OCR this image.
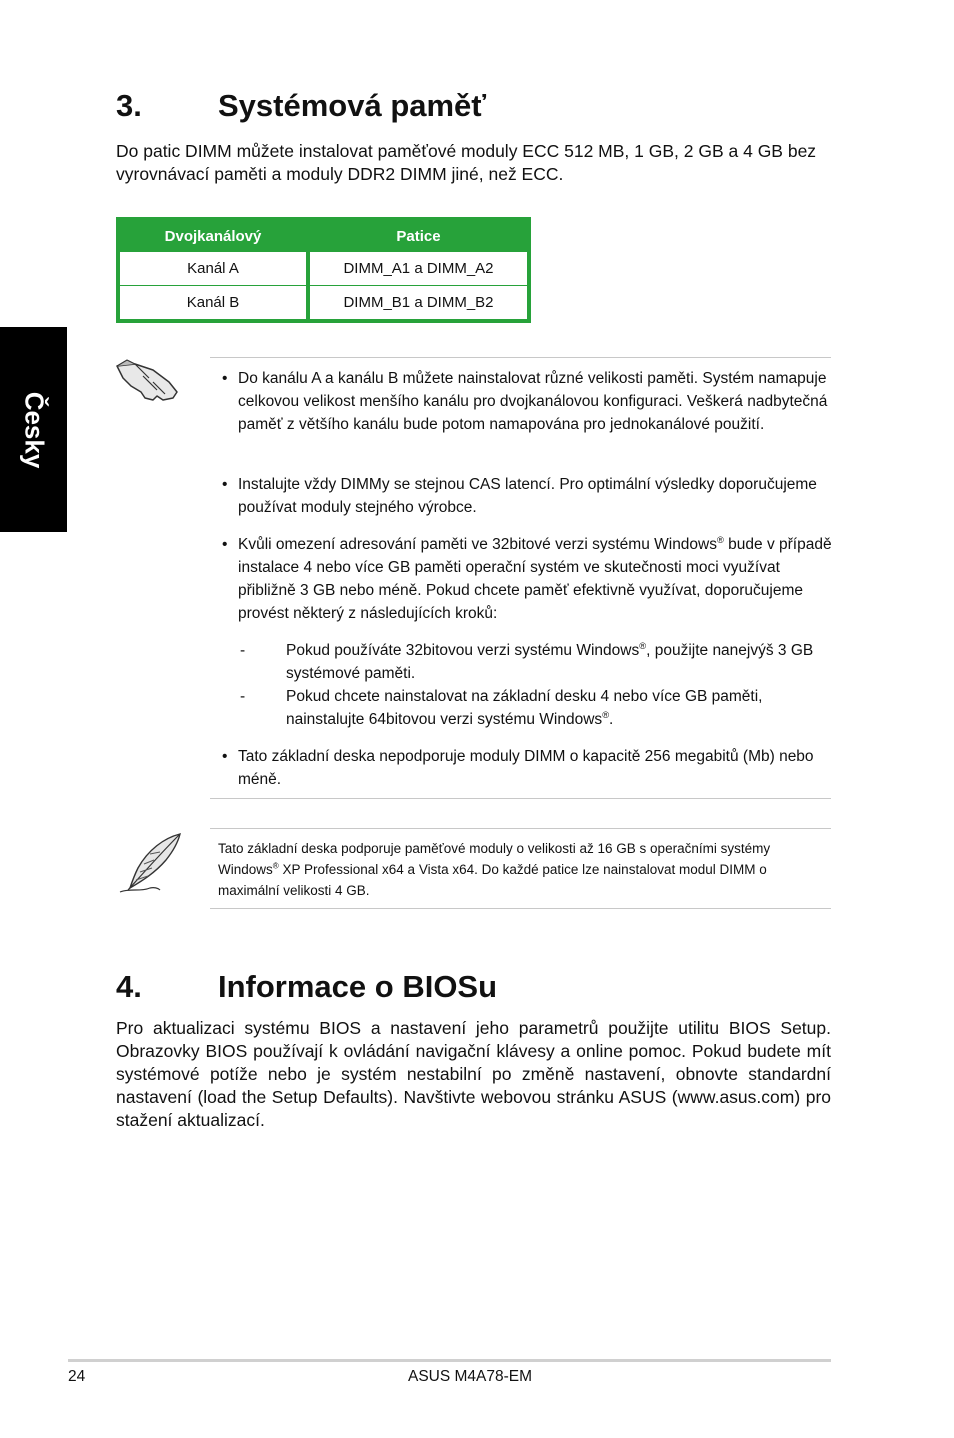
Česky
3. Systémová paměť

Do patic DIMM můžete instalovat paměťové moduly ECC 512 MB, 1 GB, 2 GB a 4 GB bez vyrovnávací paměti a moduly DDR2 DIMM jiné, než ECC.

Dvojkanálový	Patice
Kanál A	DIMM_A1 a DIMM_A2
Kanál B	DIMM_B1 a DIMM_B2
• Do kanálu A a kanálu B můžete nainstalovat různé velikosti paměti. Systém namapuje celkovou velikost menšího kanálu pro dvojkanálovou konfiguraci. Veškerá nadbytečná paměť z většího kanálu bude potom namapována pro jednokanálové použití.
• Instalujte vždy DIMMy se stejnou CAS latencí. Pro optimální výsledky doporučujeme používat moduly stejného výrobce.
• Kvůli omezení adresování paměti ve 32bitové verzi systému Windows® bude v případě instalace 4 nebo více GB paměti operační systém ve skutečnosti moci využívat přibližně 3 GB nebo méně. Pokud chcete paměť efektivně využívat, doporučujeme provést některý z následujících kroků:
-	Pokud používáte 32bitovou verzi systému Windows®, použijte nanejvýš 3 GB systémové paměti.
-	Pokud chcete nainstalovat na základní desku 4 nebo více GB paměti, nainstalujte 64bitovou verzi systému Windows®.
• Tato základní deska nepodporuje moduly DIMM o kapacitě 256 megabitů (Mb) nebo méně.

Tato základní deska podporuje paměťové moduly o velikosti až 16 GB s operačními systémy Windows® XP Professional x64 a Vista x64. Do každé patice lze nainstalovat modul DIMM o maximální velikosti 4 GB.

4. Informace o BIOSu

Pro aktualizaci systému BIOS a nastavení jeho parametrů použijte utilitu BIOS Setup. Obrazovky BIOS používají k ovládání navigační klávesy a online pomoc. Pokud budete mít systémové potíže nebo je systém nestabilní po změně nastavení, obnovte standardní nastavení (load the Setup Defaults). Navštivte webovou stránku ASUS (www.asus.com) pro stažení aktualizací.

24	ASUS M4A78-EM
